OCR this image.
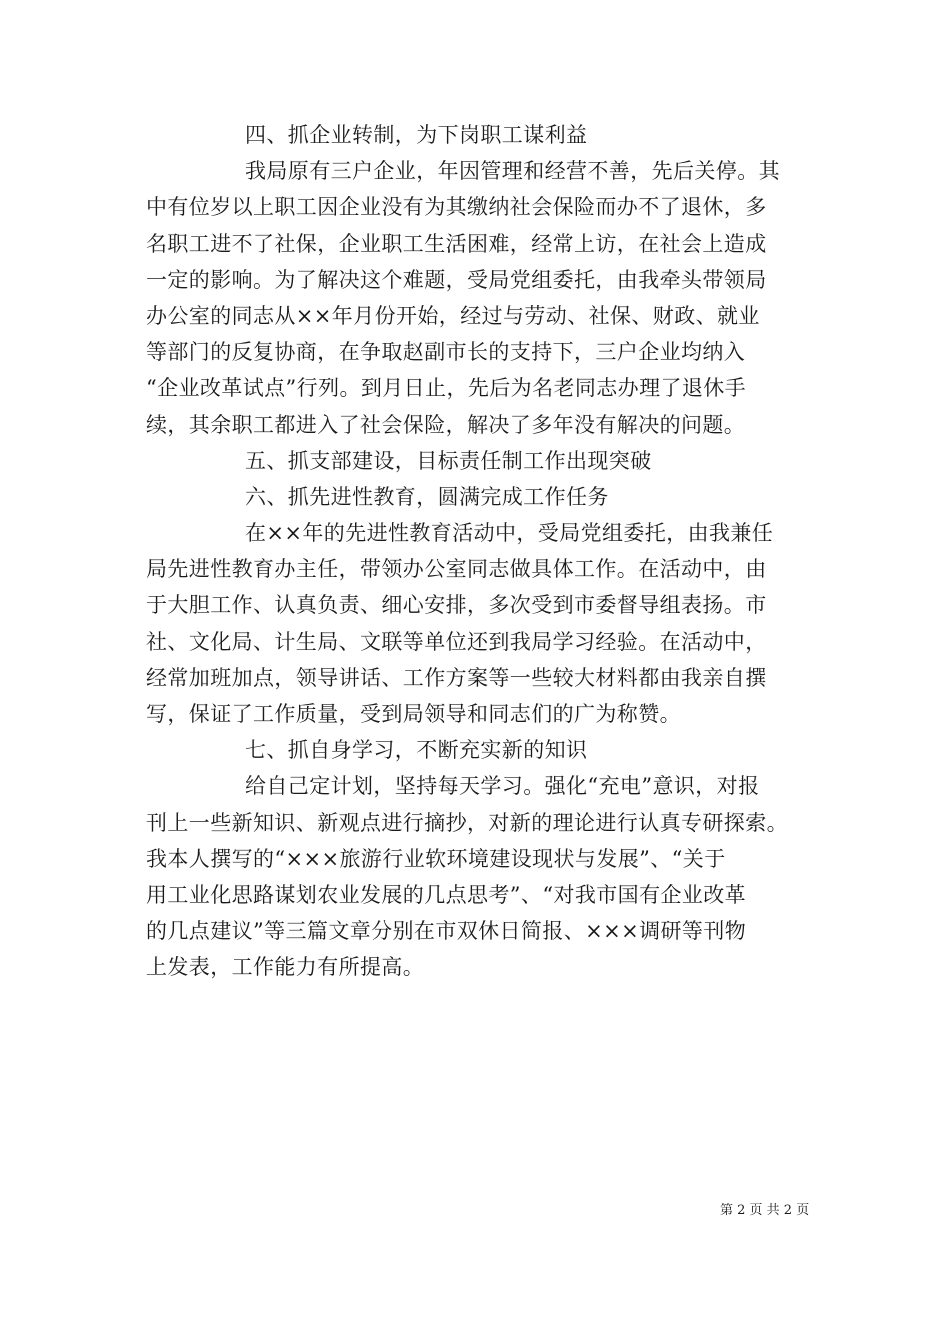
四、抓企业转制，为下岗职工谋利益
我局原有三户企业，年因管理和经营不善，先后关停。其
中有位岁以上职工因企业没有为其缴纳社会保险而办不了退休，多
名职工进不了社保，企业职工生活困难，经常上访，在社会上造成
一定的影响。为了解决这个难题，受局党组委托，由我牵头带领局
办公室的同志从××年月份开始，经过与劳动、社保、财政、就业
等部门的反复协商，在争取赵副市长的支持下，三户企业均纳入
“企业改革试点”行列。到月日止，先后为名老同志办理了退休手
续，其余职工都进入了社会保险，解决了多年没有解决的问题。
五、抓支部建设，目标责任制工作出现突破
六、抓先进性教育，圆满完成工作任务
在××年的先进性教育活动中，受局党组委托，由我兼任
局先进性教育办主任，带领办公室同志做具体工作。在活动中，由
于大胆工作、认真负责、细心安排，多次受到市委督导组表扬。市
社、文化局、计生局、文联等单位还到我局学习经验。在活动中，
经常加班加点，领导讲话、工作方案等一些较大材料都由我亲自撰
写，保证了工作质量，受到局领导和同志们的广为称赞。
七、抓自身学习，不断充实新的知识
给自己定计划，坚持每天学习。强化“充电”意识，对报
刊上一些新知识、新观点进行摘抄，对新的理论进行认真专研探索。
我本人撰写的“×××旅游行业软环境建设现状与发展”、“关于
用工业化思路谋划农业发展的几点思考”、“对我市国有企业改革
的几点建议”等三篇文章分别在市双休日简报、×××调研等刊物
上发表，工作能力有所提高。
第 2 页 共 2 页
